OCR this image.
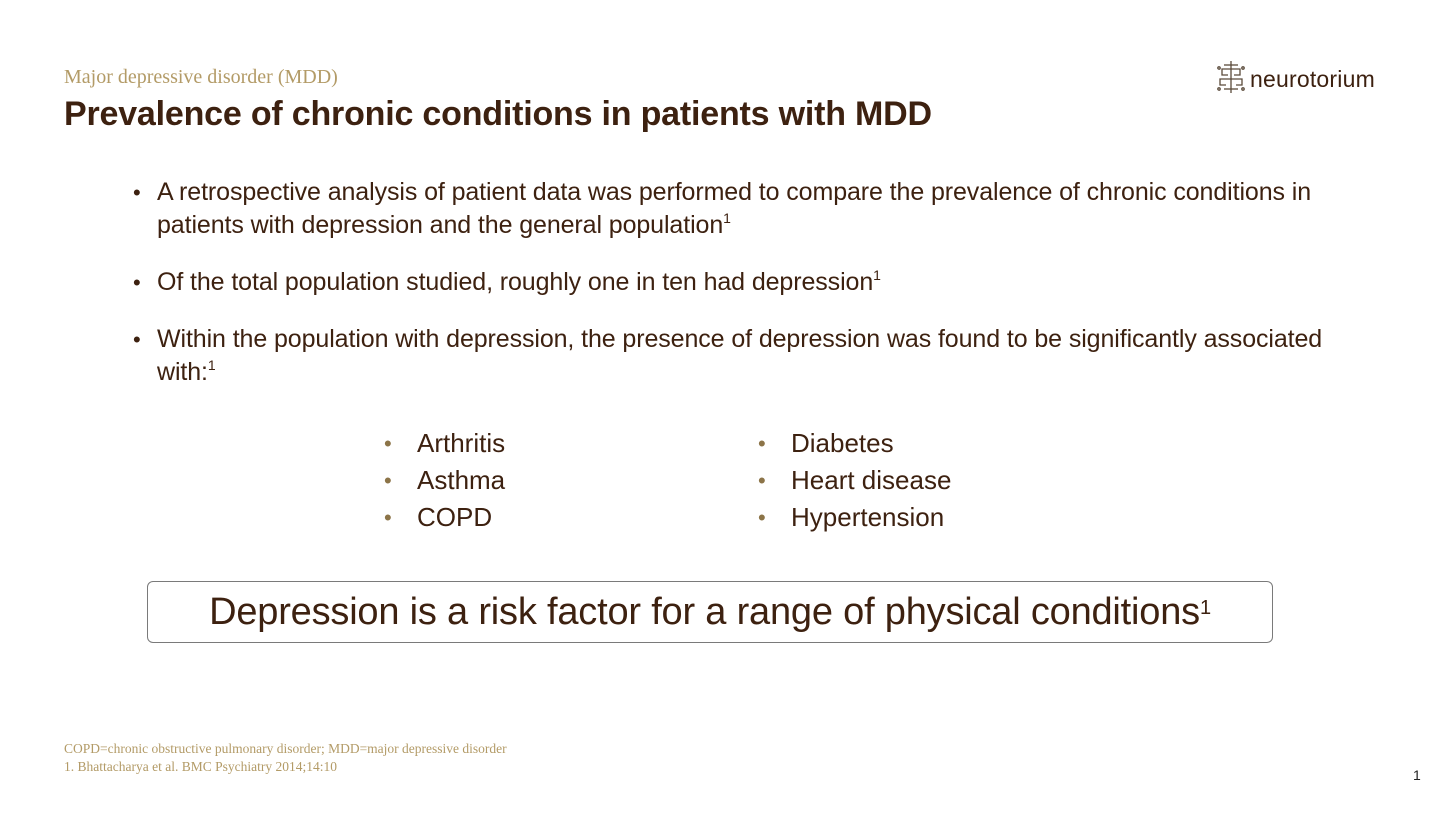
Major depressive disorder (MDD)
Prevalence of chronic conditions in patients with MDD
neurotorium
• A retrospective analysis of patient data was performed to compare the prevalence of chronic conditions in patients with depression and the general population$^1$
• Of the total population studied, roughly one in ten had depression$^1$
• Within the population with depression, the presence of depression was found to be significantly associated with:$^1$
• Arthritis
• Asthma
• COPD
• Diabetes
• Heart disease
• Hypertension
Depression is a risk factor for a range of physical conditions$^1$
COPD=chronic obstructive pulmonary disorder; MDD=major depressive disorder
1. Bhattacharya et al. BMC Psychiatry 2014;14:10
1
